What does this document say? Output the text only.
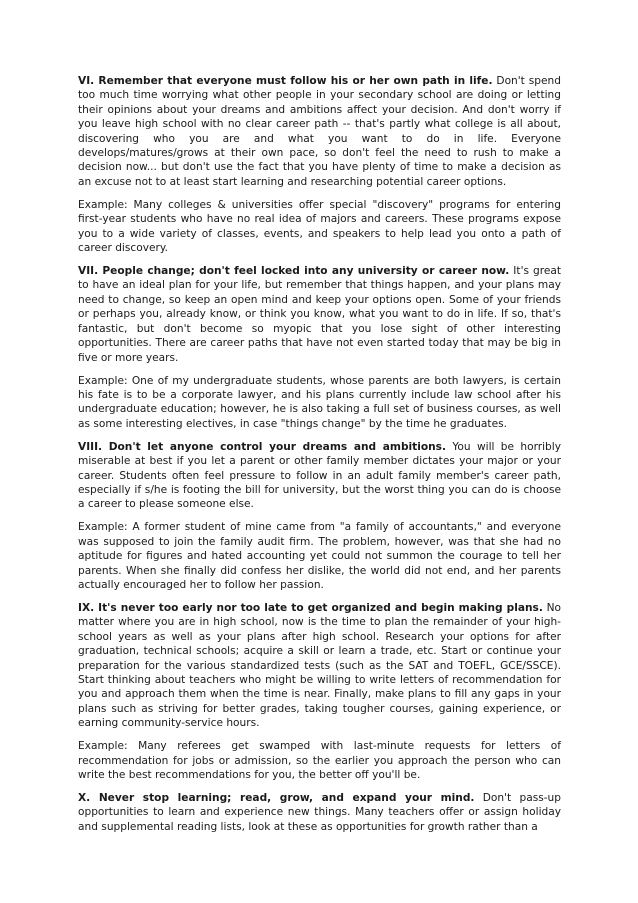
VI. Remember that everyone must follow his or her own path in life. Don't spend too much time worrying what other people in your secondary school are doing or letting their opinions about your dreams and ambitions affect your decision. And don't worry if you leave high school with no clear career path -- that's partly what college is all about, discovering who you are and what you want to do in life. Everyone develops/matures/grows at their own pace, so don't feel the need to rush to make a decision now... but don't use the fact that you have plenty of time to make a decision as an excuse not to at least start learning and researching potential career options.

Example: Many colleges & universities offer special "discovery" programs for entering first-year students who have no real idea of majors and careers. These programs expose you to a wide variety of classes, events, and speakers to help lead you onto a path of career discovery.

VII. People change; don't feel locked into any university or career now. It's great to have an ideal plan for your life, but remember that things happen, and your plans may need to change, so keep an open mind and keep your options open. Some of your friends or perhaps you, already know, or think you know, what you want to do in life. If so, that's fantastic, but don't become so myopic that you lose sight of other interesting opportunities. There are career paths that have not even started today that may be big in five or more years.

Example: One of my undergraduate students, whose parents are both lawyers, is certain his fate is to be a corporate lawyer, and his plans currently include law school after his undergraduate education; however, he is also taking a full set of business courses, as well as some interesting electives, in case "things change" by the time he graduates.

VIII. Don't let anyone control your dreams and ambitions. You will be horribly miserable at best if you let a parent or other family member dictates your major or your career. Students often feel pressure to follow in an adult family member's career path, especially if s/he is footing the bill for university, but the worst thing you can do is choose a career to please someone else.

Example: A former student of mine came from "a family of accountants," and everyone was supposed to join the family audit firm. The problem, however, was that she had no aptitude for figures and hated accounting yet could not summon the courage to tell her parents. When she finally did confess her dislike, the world did not end, and her parents actually encouraged her to follow her passion.

IX. It's never too early nor too late to get organized and begin making plans. No matter where you are in high school, now is the time to plan the remainder of your high-school years as well as your plans after high school. Research your options for after graduation, technical schools; acquire a skill or learn a trade, etc. Start or continue your preparation for the various standardized tests (such as the SAT and TOEFL, GCE/SSCE). Start thinking about teachers who might be willing to write letters of recommendation for you and approach them when the time is near. Finally, make plans to fill any gaps in your plans such as striving for better grades, taking tougher courses, gaining experience, or earning community-service hours.

Example: Many referees get swamped with last-minute requests for letters of recommendation for jobs or admission, so the earlier you approach the person who can write the best recommendations for you, the better off you'll be.

X. Never stop learning; read, grow, and expand your mind. Don't pass-up opportunities to learn and experience new things. Many teachers offer or assign holiday and supplemental reading lists, look at these as opportunities for growth rather than a
